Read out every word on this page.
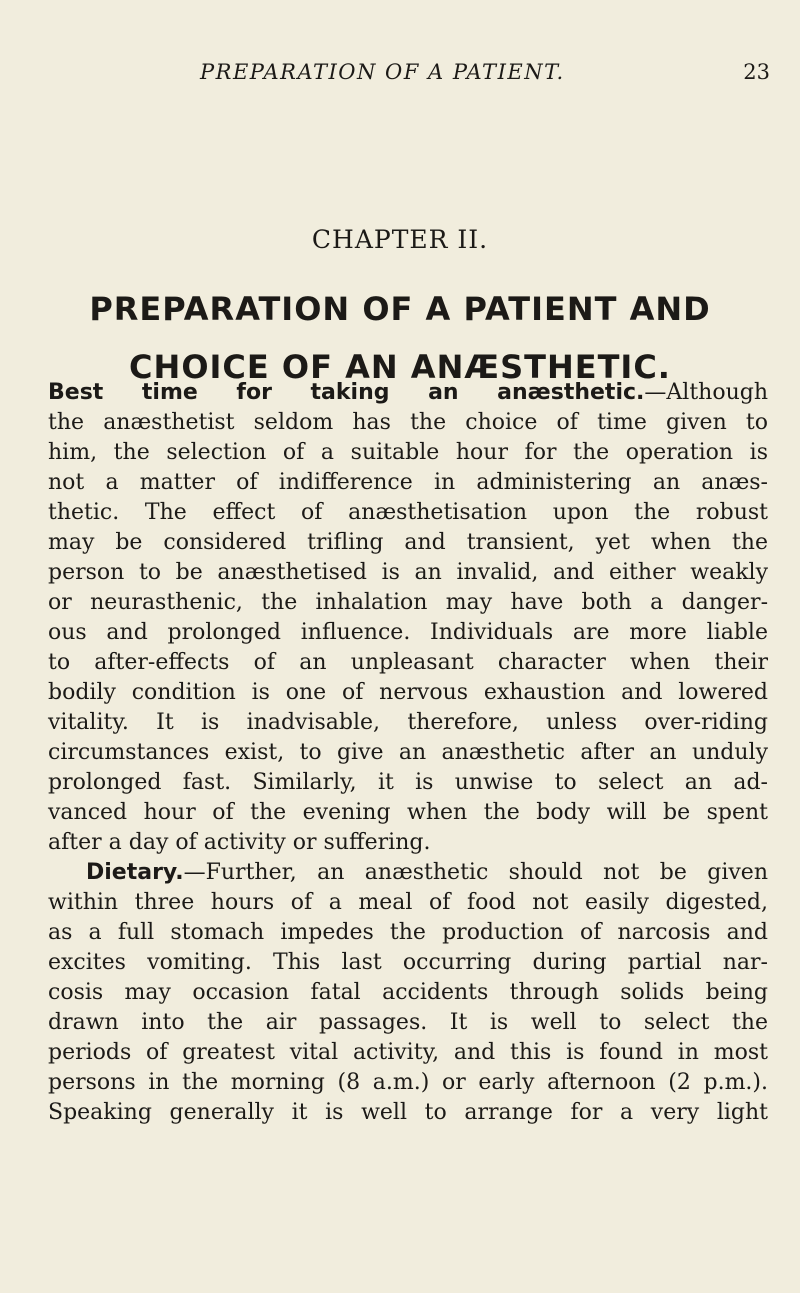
PREPARATION OF A PATIENT.	23
CHAPTER II.
PREPARATION OF A PATIENT AND
CHOICE OF AN ANÆSTHETIC.
Best time for taking an anæsthetic.—Although
the anæsthetist seldom has the choice of time given to
him, the selection of a suitable hour for the operation is
not a matter of indifference in administering an anæs-
thetic. The effect of anæsthetisation upon the robust
may be considered trifling and transient, yet when the
person to be anæsthetised is an invalid, and either weakly
or neurasthenic, the inhalation may have both a danger-
ous and prolonged influence. Individuals are more liable
to after-effects of an unpleasant character when their
bodily condition is one of nervous exhaustion and lowered
vitality. It is inadvisable, therefore, unless over-riding
circumstances exist, to give an anæsthetic after an unduly
prolonged fast. Similarly, it is unwise to select an ad-
vanced hour of the evening when the body will be spent
after a day of activity or suffering.
Dietary.—Further, an anæsthetic should not be given
within three hours of a meal of food not easily digested,
as a full stomach impedes the production of narcosis and
excites vomiting. This last occurring during partial nar-
cosis may occasion fatal accidents through solids being
drawn into the air passages. It is well to select the
periods of greatest vital activity, and this is found in most
persons in the morning (8 a.m.) or early afternoon (2 p.m.).
Speaking generally it is well to arrange for a very light
